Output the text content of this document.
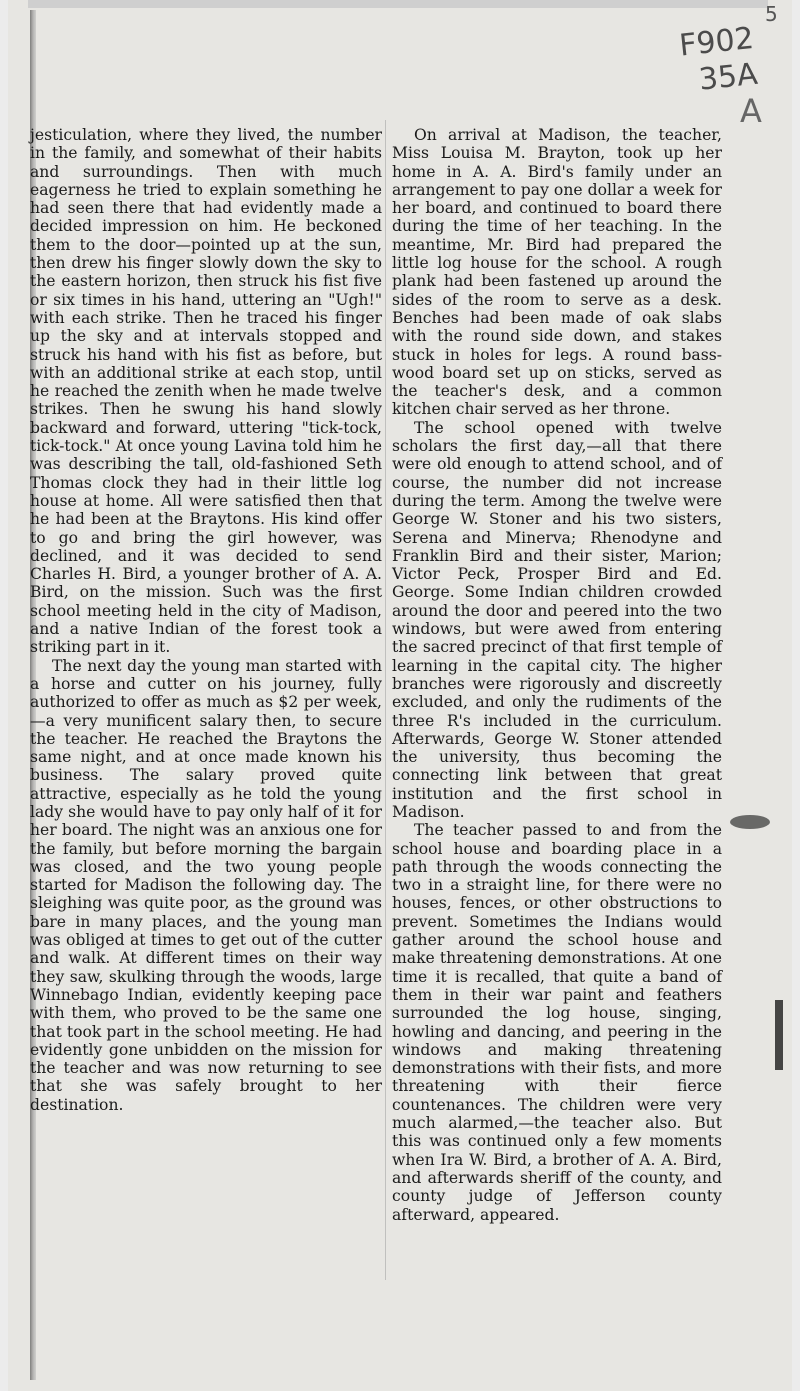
5
F902
35A
A

jesticulation, where they lived, the number in the family, and somewhat of their habits and surroundings. Then with much eagerness he tried to explain something he had seen there that had evidently made a decided impression on him. He beckoned them to the door—pointed up at the sun, then drew his finger slowly down the sky to the eastern horizon, then struck his fist five or six times in his hand, uttering an "Ugh!" with each strike. Then he traced his finger up the sky and at intervals stopped and struck his hand with his fist as before, but with an additional strike at each stop, until he reached the zenith when he made twelve strikes. Then he swung his hand slowly backward and forward, uttering "tick-tock, tick-tock." At once young Lavina told him he was describing the tall, old-fashioned Seth Thomas clock they had in their little log house at home. All were satisfied then that he had been at the Braytons. His kind offer to go and bring the girl however, was declined, and it was decided to send Charles H. Bird, a younger brother of A. A. Bird, on the mission. Such was the first school meeting held in the city of Madison, and a native Indian of the forest took a striking part in it.

The next day the young man started with a horse and cutter on his journey, fully authorized to offer as much as $2 per week,—a very munificent salary then, to secure the teacher. He reached the Braytons the same night, and at once made known his business. The salary proved quite attractive, especially as he told the young lady she would have to pay only half of it for her board. The night was an anxious one for the family, but before morning the bargain was closed, and the two young people started for Madison the following day. The sleighing was quite poor, as the ground was bare in many places, and the young man was obliged at times to get out of the cutter and walk. At different times on their way they saw, skulking through the woods, large Winnebago Indian, evidently keeping pace with them, who proved to be the same one that took part in the school meeting. He had evidently gone unbidden on the mission for the teacher and was now returning to see that she was safely brought to her destination.

On arrival at Madison, the teacher, Miss Louisa M. Brayton, took up her home in A. A. Bird's family under an arrangement to pay one dollar a week for her board, and continued to board there during the time of her teaching. In the meantime, Mr. Bird had prepared the little log house for the school. A rough plank had been fastened up around the sides of the room to serve as a desk. Benches had been made of oak slabs with the round side down, and stakes stuck in holes for legs. A round bass-wood board set up on sticks, served as the teacher's desk, and a common kitchen chair served as her throne.

The school opened with twelve scholars the first day,—all that there were old enough to attend school, and of course, the number did not increase during the term. Among the twelve were George W. Stoner and his two sisters, Serena and Minerva; Rhenodyne and Franklin Bird and their sister, Marion; Victor Peck, Prosper Bird and Ed. George. Some Indian children crowded around the door and peered into the two windows, but were awed from entering the sacred precinct of that first temple of learning in the capital city. The higher branches were rigorously and discreetly excluded, and only the rudiments of the three R's included in the curriculum. Afterwards, George W. Stoner attended the university, thus becoming the connecting link between that great institution and the first school in Madison.

The teacher passed to and from the school house and boarding place in a path through the woods connecting the two in a straight line, for there were no houses, fences, or other obstructions to prevent. Sometimes the Indians would gather around the school house and make threatening demonstrations. At one time it is recalled, that quite a band of them in their war paint and feathers surrounded the log house, singing, howling and dancing, and peering in the windows and making threatening demonstrations with their fists, and more threatening with their fierce countenances. The children were very much alarmed,—the teacher also. But this was continued only a few moments when Ira W. Bird, a brother of A. A. Bird, and afterwards sheriff of the county, and county judge of Jefferson county afterward, appeared.
